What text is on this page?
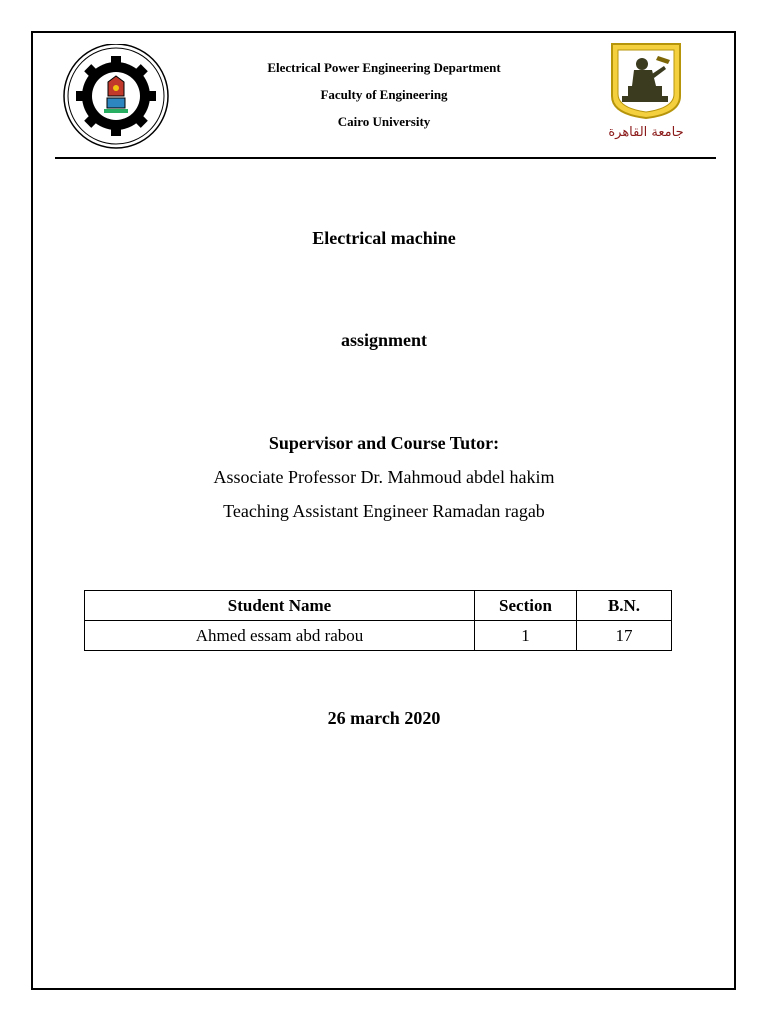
Electrical Power Engineering Department
Faculty of Engineering
Cairo University
جامعة القاهرة
Electrical machine
assignment
Supervisor and Course Tutor:
Associate Professor Dr. Mahmoud abdel hakim
Teaching Assistant Engineer Ramadan ragab
Student Name	Section	B.N.
Ahmed essam abd rabou	1	17
26 march 2020
